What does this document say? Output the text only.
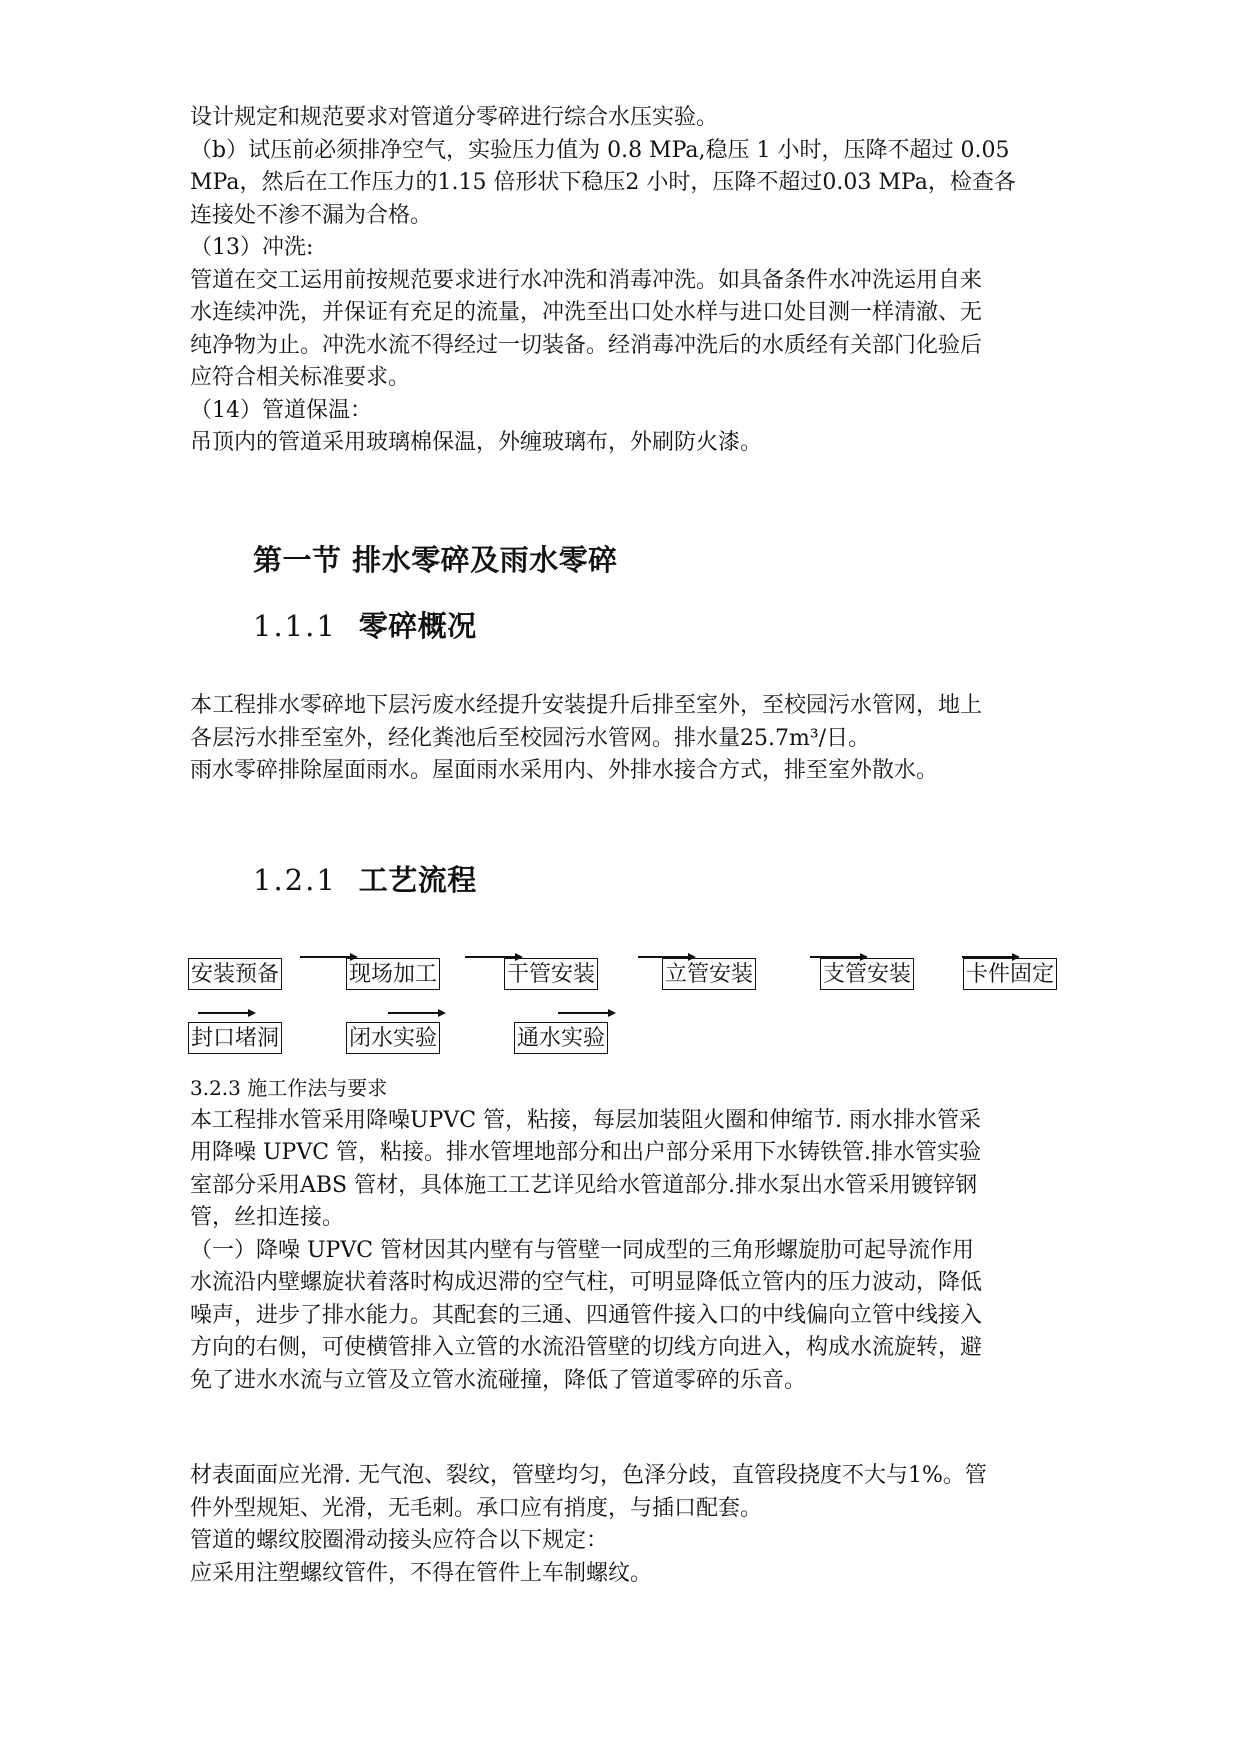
设计规定和规范要求对管道分零碎进行综合水压实验。
（b）试压前必须排净空气，实验压力值为 0.8 MPa,稳压 1 小时，压降不超过 0.05
MPa，然后在工作压力的1.15 倍形状下稳压2 小时，压降不超过0.03 MPa，检查各
连接处不渗不漏为合格。
（13）冲洗:
管道在交工运用前按规范要求进行水冲洗和消毒冲洗。如具备条件水冲洗运用自来
水连续冲洗，并保证有充足的流量，冲洗至出口处水样与进口处目测一样清澈、无
纯净物为止。冲洗水流不得经过一切装备。经消毒冲洗后的水质经有关部门化验后
应符合相关标准要求。
（14）管道保温：
吊顶内的管道采用玻璃棉保温，外缠玻璃布，外刷防火漆。
第一节 排水零碎及雨水零碎
1.1.1 零碎概况
本工程排水零碎地下层污废水经提升安装提升后排至室外，至校园污水管网，地上
各层污水排至室外，经化粪池后至校园污水管网。排水量25.7m³/日。
雨水零碎排除屋面雨水。屋面雨水采用内、外排水接合方式，排至室外散水。
1.2.1 工艺流程
安装预备	现场加工	干管安装	立管安装	支管安装 卡件固定
封口堵洞	闭水实验	通水实验
3.2.3 施工作法与要求
本工程排水管采用降噪UPVC 管，粘接，每层加装阻火圈和伸缩节. 雨水排水管采
用降噪 UPVC 管，粘接。排水管埋地部分和出户部分采用下水铸铁管.排水管实验
室部分采用ABS 管材，具体施工工艺详见给水管道部分.排水泵出水管采用镀锌钢
管，丝扣连接。
（一）降噪 UPVC 管材因其内壁有与管壁一同成型的三角形螺旋肋可起导流作用
水流沿内壁螺旋状着落时构成迟滞的空气柱，可明显降低立管内的压力波动，降低
噪声，进步了排水能力。其配套的三通、四通管件接入口的中线偏向立管中线接入
方向的右侧，可使横管排入立管的水流沿管壁的切线方向进入，构成水流旋转，避
免了进水水流与立管及立管水流碰撞，降低了管道零碎的乐音。
材表面面应光滑. 无气泡、裂纹，管壁均匀，色泽分歧，直管段挠度不大与1%。管
件外型规矩、光滑，无毛刺。承口应有捎度，与插口配套。
管道的螺纹胶圈滑动接头应符合以下规定：
应采用注塑螺纹管件，不得在管件上车制螺纹。
